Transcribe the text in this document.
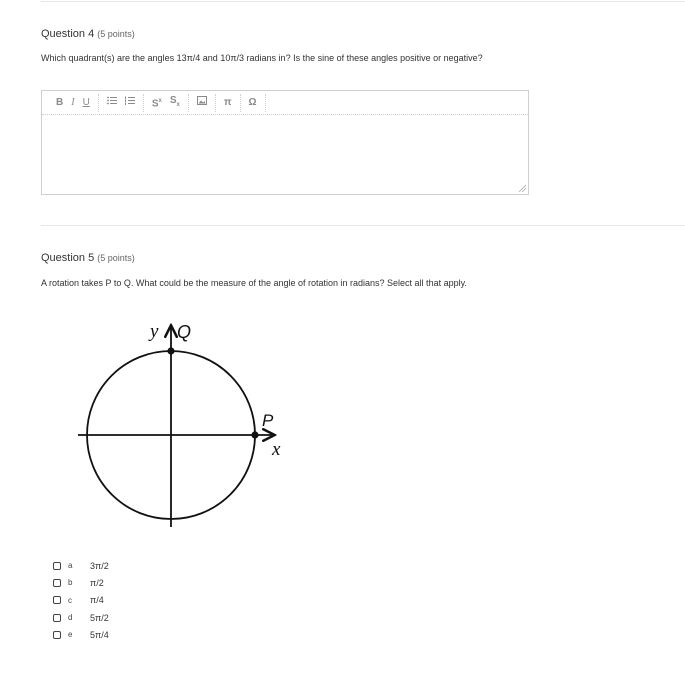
Question 4 (5 points)
Which quadrant(s) are the angles 13π/4 and 10π/3 radians in? Is the sine of these angles positive or negative?
B I U	$S^x$ $S_x$	π	Ω
Question 5 (5 points)
A rotation takes P to Q. What could be the measure of the angle of rotation in radians? Select all that apply.
y Q
P
x
a	3π/2
b	π/2
c	π/4
d	5π/2
e	5π/4
